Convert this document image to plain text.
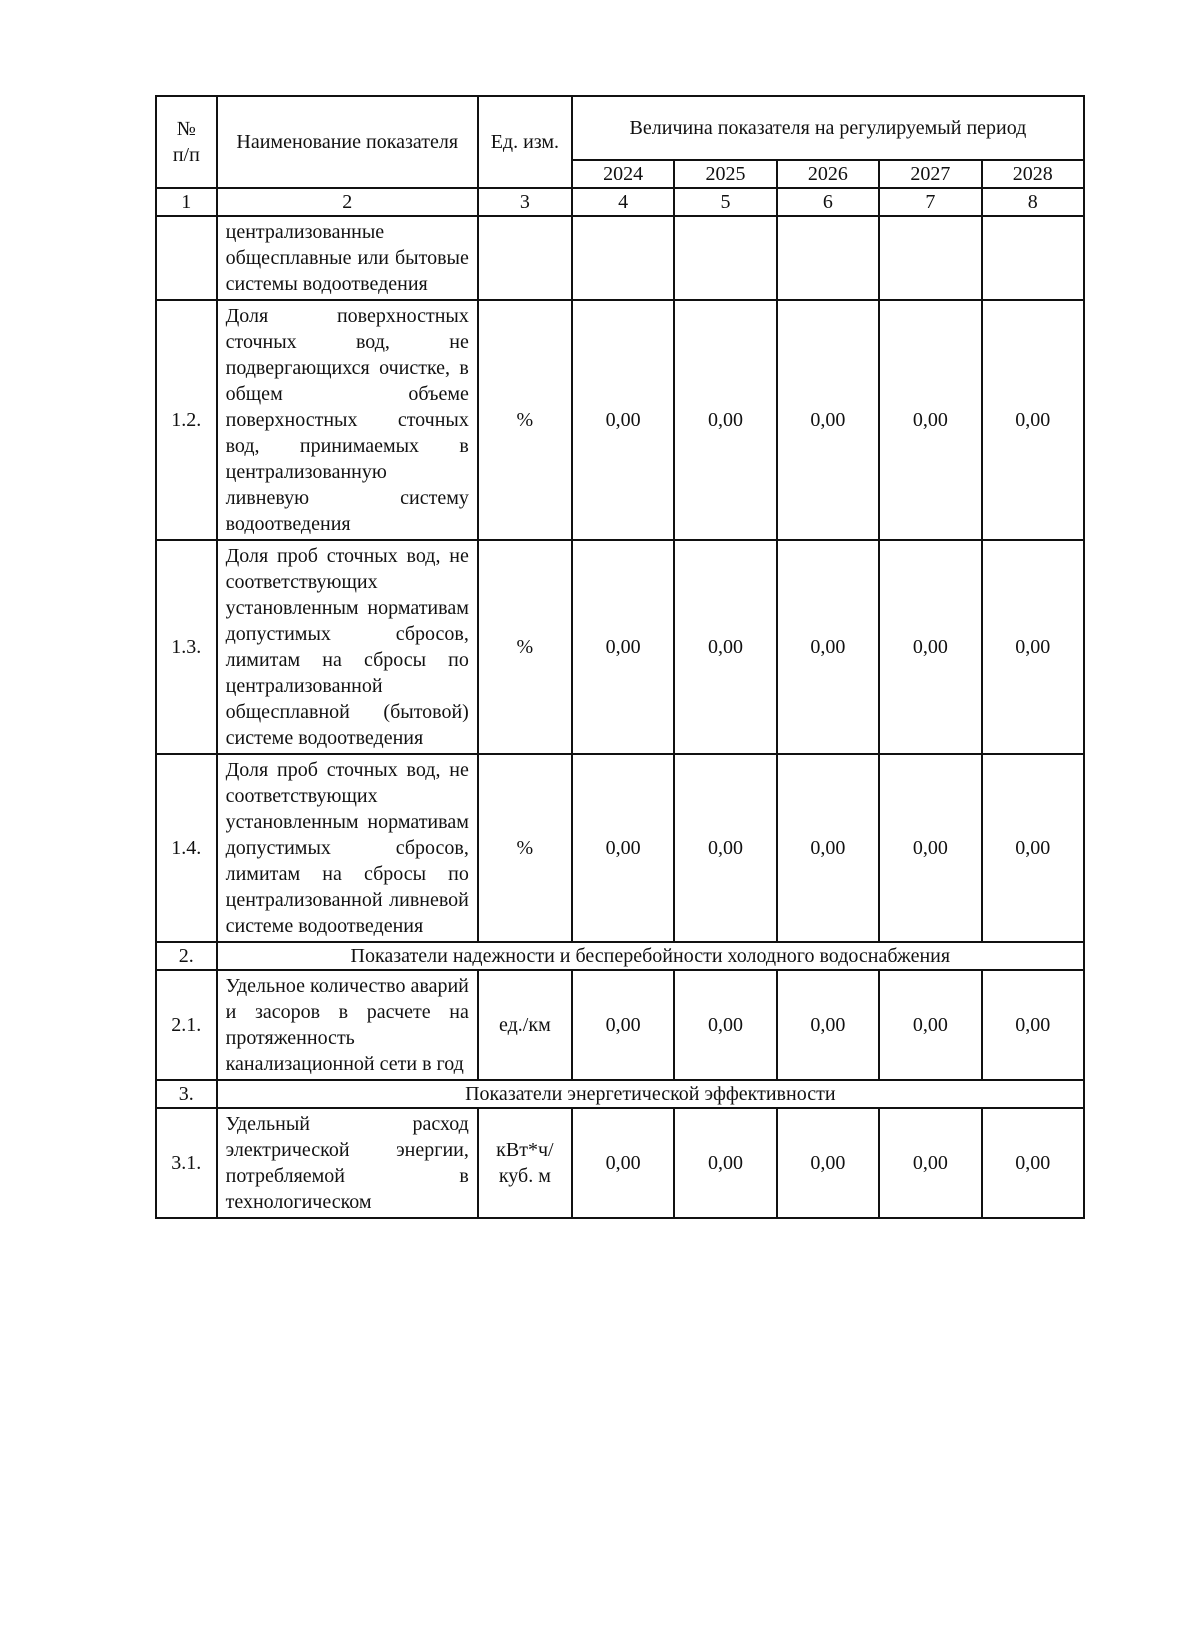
№
п/п	Наименование показателя	Ед. изм.	Величина показателя на регулируемый период				
			2024	2025	2026	2027	2028
1	2	3	4	5	6	7	8
	централизованные общесплавные или бытовые системы водоотведения						
1.2.	Доля поверхностных сточных вод, не подвергающихся очистке, в общем объеме поверхностных сточных вод, принимаемых в централизованную ливневую систему водоотведения	%	0,00	0,00	0,00	0,00	0,00
1.3.	Доля проб сточных вод, не соответствующих установленным нормативам допустимых сбросов, лимитам на сбросы по централизованной общесплавной (бытовой) системе водоотведения	%	0,00	0,00	0,00	0,00	0,00
1.4.	Доля проб сточных вод, не соответствующих установленным нормативам допустимых сбросов, лимитам на сбросы по централизованной ливневой системе водоотведения	%	0,00	0,00	0,00	0,00	0,00
2.	Показатели надежности и бесперебойности холодного водоснабжения						
2.1.	Удельное количество аварий и засоров в расчете на протяженность канализационной сети в год	ед./км	0,00	0,00	0,00	0,00	0,00
3.	Показатели энергетической эффективности						
3.1.	Удельный расход электрической энергии, потребляемой в технологическом	кВт*ч/ куб. м	0,00	0,00	0,00	0,00	0,00
